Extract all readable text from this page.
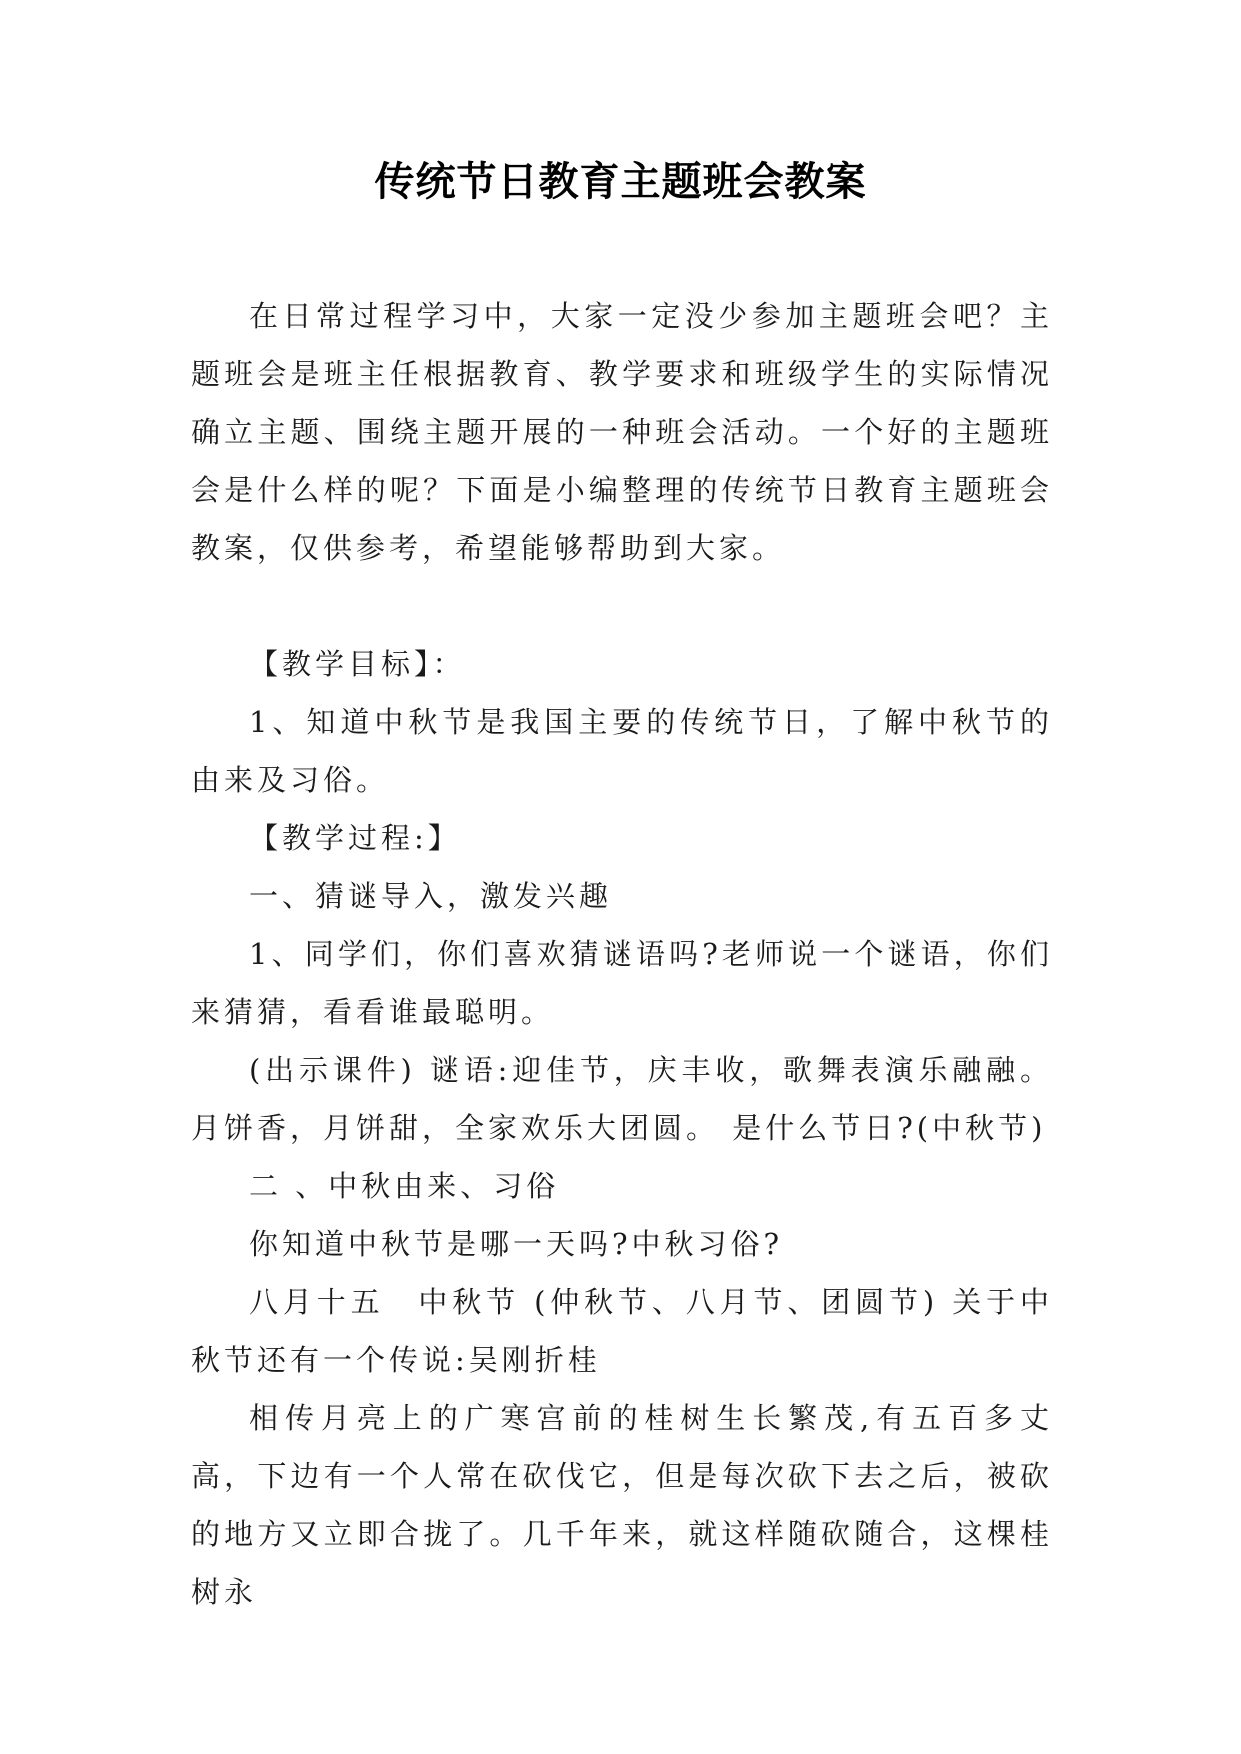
传统节日教育主题班会教案

在日常过程学习中，大家一定没少参加主题班会吧？主题班会是班主任根据教育、教学要求和班级学生的实际情况确立主题、围绕主题开展的一种班会活动。一个好的主题班会是什么样的呢？下面是小编整理的传统节日教育主题班会教案，仅供参考，希望能够帮助到大家。

【教学目标】：

1、知道中秋节是我国主要的传统节日，了解中秋节的由来及习俗。

【教学过程:】

一、猜谜导入，激发兴趣

1、同学们，你们喜欢猜谜语吗?老师说一个谜语，你们来猜猜，看看谁最聪明。

(出示课件) 谜语:迎佳节，庆丰收，歌舞表演乐融融。月饼香，月饼甜，全家欢乐大团圆。 是什么节日?(中秋节)

二 、中秋由来、习俗

你知道中秋节是哪一天吗?中秋习俗?

八月十五　中秋节 (仲秋节、八月节、团圆节) 关于中秋节还有一个传说:吴刚折桂

相传月亮上的广寒宫前的桂树生长繁茂,有五百多丈高，下边有一个人常在砍伐它，但是每次砍下去之后，被砍的地方又立即合拢了。几千年来，就这样随砍随合，这棵桂树永
